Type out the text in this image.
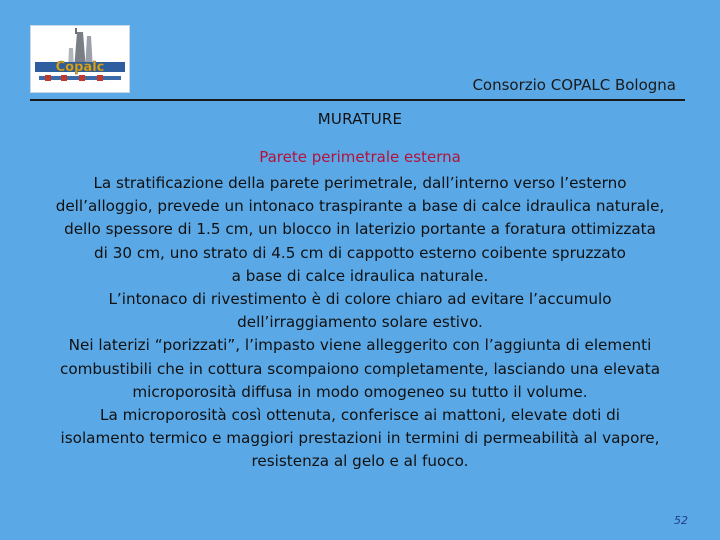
Copalc
Consorzio COPALC Bologna
MURATURE
Parete perimetrale esterna
La stratificazione della parete perimetrale, dall’interno verso l’esterno
dell’alloggio, prevede un intonaco traspirante a base di calce idraulica naturale,
dello spessore di 1.5 cm, un blocco in laterizio portante a foratura ottimizzata
di 30 cm, uno strato di 4.5 cm di cappotto esterno coibente spruzzato
a base di calce idraulica naturale.
L’intonaco di rivestimento è di colore chiaro ad evitare l’accumulo
dell’irraggiamento solare estivo.
Nei laterizi “porizzati”, l’impasto viene alleggerito con l’aggiunta di elementi
combustibili che in cottura scompaiono completamente, lasciando una elevata
microporosità diffusa in modo omogeneo su tutto il volume.
La microporosità così ottenuta, conferisce ai mattoni, elevate doti di
isolamento termico e maggiori prestazioni in termini di permeabilità al vapore,
resistenza al gelo e al fuoco.
52
